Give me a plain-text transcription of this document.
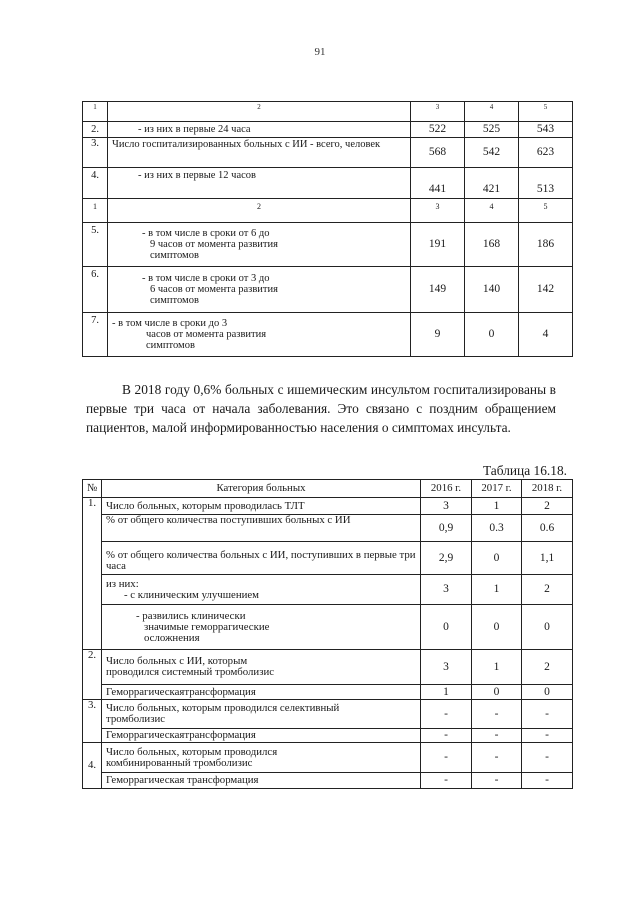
91
1	2	3	4	5
2.	- из них в первые 24 часа	522	525	543
3.	Число госпитализированных больных с ИИ - всего, человек	568	542	623
4.	- из них в первые 12 часов	441	421	513
1	2	3	4	5
5.	- в том числе в сроки от 6 до
9 часов от момента развития
симптомов	191	168	186
6.	- в том числе в сроки от 3 до
6 часов от момента развития
симптомов	149	140	142
7.	- в том числе в сроки до 3
часов от момента развития
симптомов	9	0	4

В 2018 году 0,6% больных с ишемическим инсультом госпитализированы в первые три часа от начала заболевания. Это связано с поздним обращением пациентов, малой информированностью населения о симптомах инсульта.

Таблица 16.18.
№	Категория больных	2016 г.	2017 г.	2018 г.
1.	Число больных, которым проводилась ТЛТ	3	1	2
	% от общего количества поступивших больных с ИИ	0,9	0.3	0.6
	% от общего количества больных с ИИ, поступивших в первые три часа	2,9	0	1,1

	из них:
- с клиническим улучшением	3	1	2

	- развились клинически
значимые геморрагические
осложнения	0	0	0
2.	Число больных с ИИ, которым
проводился системный тромболизис	3	1	2
	Геморрагическаятрансформация	1	0	0
3.	Число больных, которым проводился селективный
тромболизис	-	-	-
	Геморрагическаятрансформация	-	-	-
4.	Число больных, которым проводился
комбинированный тромболизис	-	-	-
	Геморрагическая трансформация	-	-	-
